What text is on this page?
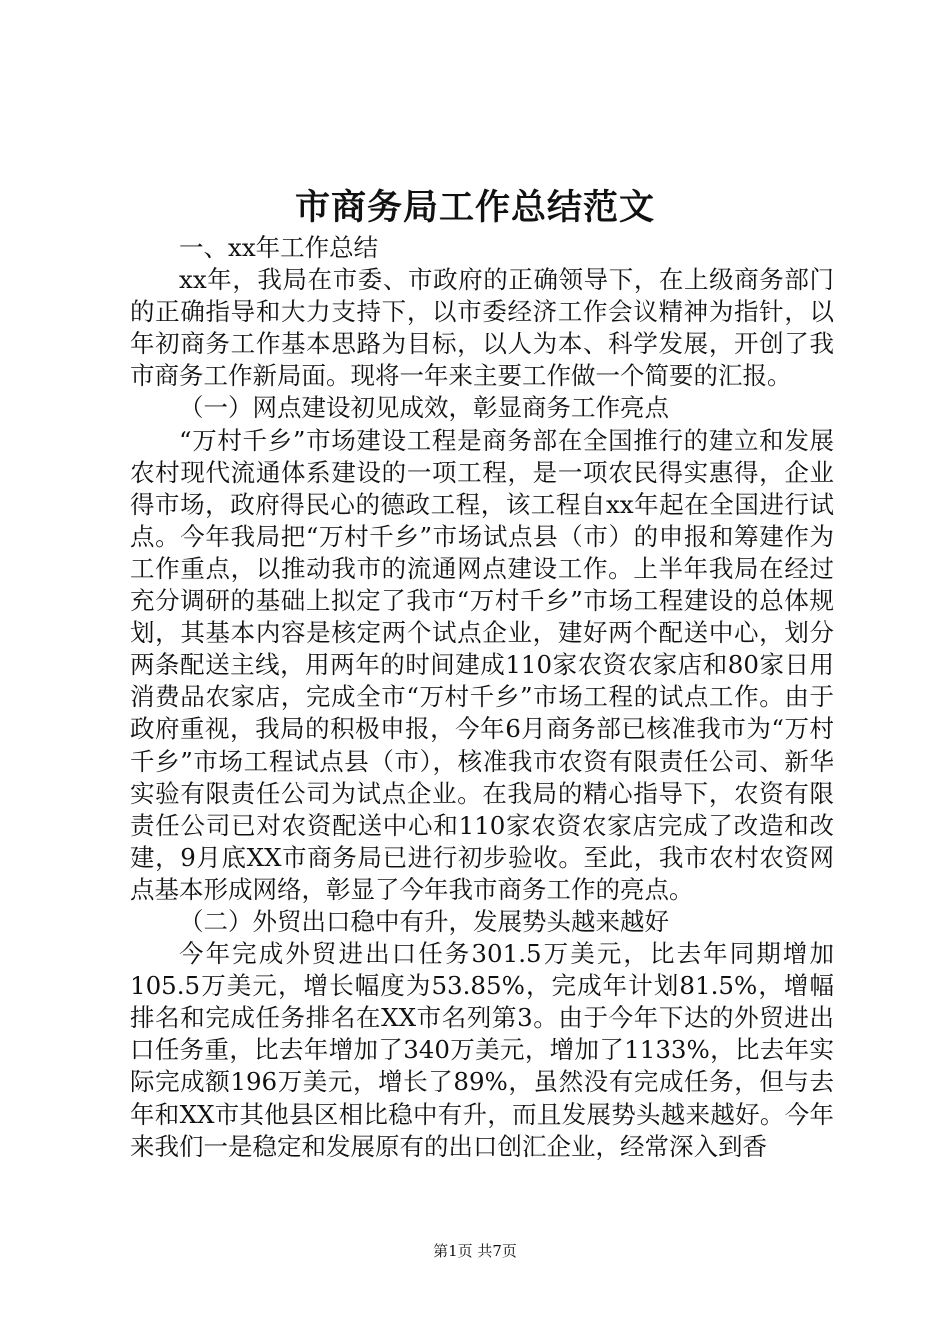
市商务局工作总结范文

一、xx年工作总结

xx年，我局在市委、市政府的正确领导下，在上级商务部门的正确指导和大力支持下，以市委经济工作会议精神为指针，以年初商务工作基本思路为目标，以人为本、科学发展，开创了我市商务工作新局面。现将一年来主要工作做一个简要的汇报。

（一）网点建设初见成效，彰显商务工作亮点

“万村千乡”市场建设工程是商务部在全国推行的建立和发展农村现代流通体系建设的一项工程，是一项农民得实惠得，企业得市场，政府得民心的德政工程，该工程自xx年起在全国进行试点。今年我局把“万村千乡”市场试点县（市）的申报和筹建作为工作重点，以推动我市的流通网点建设工作。上半年我局在经过充分调研的基础上拟定了我市“万村千乡”市场工程建设的总体规划，其基本内容是核定两个试点企业，建好两个配送中心，划分两条配送主线，用两年的时间建成110家农资农家店和80家日用消费品农家店，完成全市“万村千乡”市场工程的试点工作。由于政府重视，我局的积极申报，今年6月商务部已核准我市为“万村千乡”市场工程试点县（市），核准我市农资有限责任公司、新华实验有限责任公司为试点企业。在我局的精心指导下，农资有限责任公司已对农资配送中心和110家农资农家店完成了改造和改建，9月底XX市商务局已进行初步验收。至此，我市农村农资网点基本形成网络，彰显了今年我市商务工作的亮点。

（二）外贸出口稳中有升，发展势头越来越好

今年完成外贸进出口任务301.5万美元，比去年同期增加105.5万美元，增长幅度为53.85%，完成年计划81.5%，增幅排名和完成任务排名在XX市名列第3。由于今年下达的外贸进出口任务重，比去年增加了340万美元，增加了1133%，比去年实际完成额196万美元，增长了89%，虽然没有完成任务，但与去年和XX市其他县区相比稳中有升，而且发展势头越来越好。今年来我们一是稳定和发展原有的出口创汇企业，经常深入到香

第1页 共7页
